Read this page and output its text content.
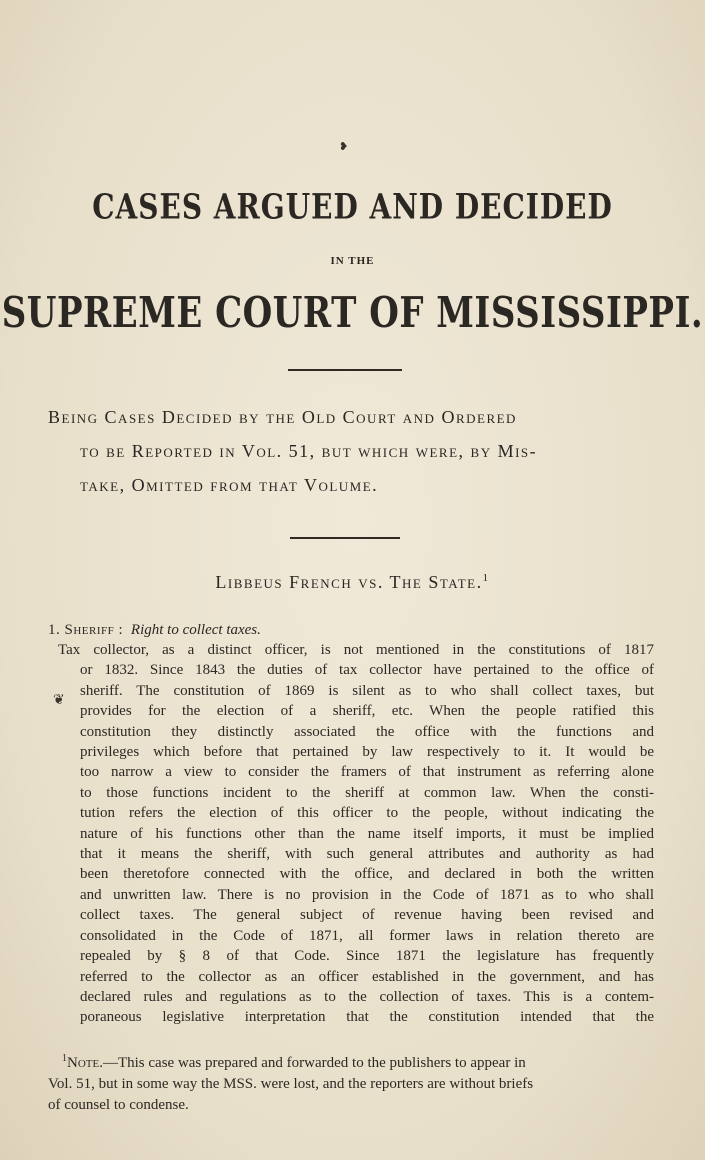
❥
CASES ARGUED AND DECIDED
IN THE
SUPREME COURT OF MISSISSIPPI.
Being Cases Decided by the Old Court and Ordered
to be Reported in Vol. 51, but which were, by Mis-
take, Omitted from that Volume.
Libbeus French vs. The State.$^1$
1. Sheriff : Right to collect taxes.
❦
Tax collector, as a distinct officer, is not mentioned in the constitutions of 1817
or 1832. Since 1843 the duties of tax collector have pertained to the office of
sheriff. The constitution of 1869 is silent as to who shall collect taxes, but
provides for the election of a sheriff, etc. When the people ratified this
constitution they distinctly associated the office with the functions and
privileges which before that pertained by law respectively to it. It would be
too narrow a view to consider the framers of that instrument as referring alone
to those functions incident to the sheriff at common law. When the consti-
tution refers the election of this officer to the people, without indicating the
nature of his functions other than the name itself imports, it must be implied
that it means the sheriff, with such general attributes and authority as had
been theretofore connected with the office, and declared in both the written
and unwritten law. There is no provision in the Code of 1871 as to who shall
collect taxes. The general subject of revenue having been revised and
consolidated in the Code of 1871, all former laws in relation thereto are
repealed by § 8 of that Code. Since 1871 the legislature has frequently
referred to the collector as an officer established in the government, and has
declared rules and regulations as to the collection of taxes. This is a contem-
poraneous legislative interpretation that the constitution intended that the
$^1$Note.—This case was prepared and forwarded to the publishers to appear in
Vol. 51, but in some way the MSS. were lost, and the reporters are without briefs
of counsel to condense.
